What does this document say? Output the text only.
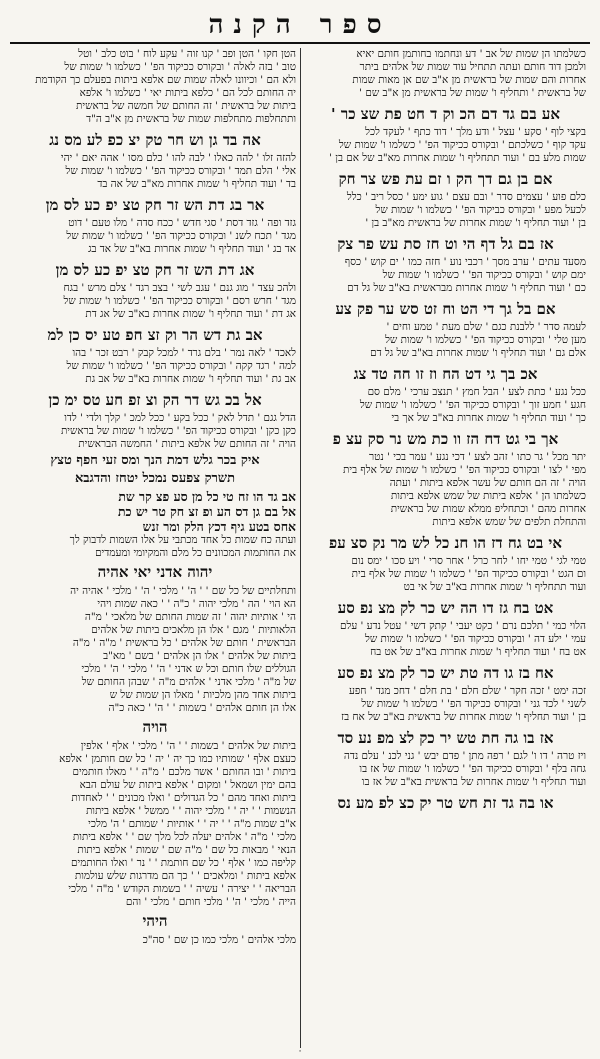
ספר הקנה
כשלמתו הן שמות של אב ' דע ונחתמו בחותמן חותם יאיא
ולמכן דוד חותם ועתה תתחיל עוד שמות של אלהים ביתר
אחרות והם שמות של בראשית מן א"ב שם אן מאות שמות
של בראשית ' ותחליף ו' שמות של בראשית מן א"ב שם '
אע בם גד דם הכ וק ד חט פת שצ כר '
בקצי לוף ' סקע ' עצל ' ודע מלך ' דוד כתף ' לעקד לכל
עקד קוף ' כשלכתם ' ובקורס ככיקוד הפ' ' כשלמו ו' שמות של
שמות מלע בם ' ועוד תתחליף ו' שמות אחרות מא"ב של אם בן '
אם בן גם דך הק ו זם עת פש צר חק
כלם פוע ' עצמים סדר ' ובם עצם ' גוע ימע ' כסל ריב ' כלל
לכעל מפע ' ובקורס כביקוד הפ' ' כשלמו ו' שמות של
בן ' ועוד תחליף ו' שמות אחרות של בראשית מא"ב בן '
אז בם גל דף הי וט חז סת עש פר צק
מסעד עתים ' ערב מסך ' רכבי נוע ' חזה כמו ' ים קוש ' כסף
ימם קוש ' ובקורס ככיקוד הפ' ' כשלמו ו' שמות של
כם ' ועוד תחליף ו' שמות אחרות מבראשית בא"ב של גל דם
אם בל גך די הט וח זט סש ער פק צע
לעמה סדר ' ללבנת כגם ' שלם מעת ' טמע וחים '
מען טלי ' ובקורס ככיקוד הפ' ' כשלמו ו' שמות של
אלם גם ' ועוד תחליף ו' שמות אחרות בא"ב של גל דם
אכ בך גי דט הח וז זו חה טד צג
ככל נגע ' כתת לצע ' הבל חמץ ' תנצב ערכי ' מלם סם
חגע ' חמע זוך ' ובקורס ככיקוד הפ' ' כשלמו ו' שמות של
כך ' ועוד תחליף ו' שמות אחרות בא"ב של אך בי
אך בי גט דח הז וו כת מש נר סק עצ פ
יתר מכל ' גר כתו ' זהב לצע ' דכי נגע ' עמר בכי ' נטר
מפי ' לצו ' ובקורס ככיקוד הפ' ' כשלמו ו' שמות של אלף בית
הויה ' זה הם חותם של עשר אלפא ביתות ' ועתה
כשלמתו הן ' אלפא ביתות של שמש אלפא ביתות
אחרות מהם ' וכתחליפ ממלא שמות של בראשית
והתחלת תלפים של שמש אלפא ביתות
אי בט גח דז הו חנ כל לש מר נק סצ עפ
טמי לגי ' טמי יחו ' לחר כרל ' אחר סרי ' ויע סכו ' ימס נום
ום הגט ' ובקורס ככיקוד הפ' ' כשלמו ו' שמות של אלף בית
ועוד תתחליף ו' שמות אחרות בא"ב של אי בט
אט בח גז דו הה יש כר לק מצ נפ סע
הלוי כמי ' תלכם נרם ' כקט יעבי ' קתק דשי ' עטל נדע ' עלם
עמי ' ילע דה ' ובקורס ככיקוד הפ' ' כשלמו ו' שמות של
אט בח ' ועוד תחליף ו' שמות אחרות בא"ב של אט בח
אח בז גו דה טת יש כר לק מצ נפ סע
זכה ימט ' זכה חקר ' שלם חלם ' בת חלם ' דחכ מגד ' חפע
לשני ' לכד גני ' ובקורס ככיקוד הפ' ' כשלמו ו' שמות של
בן ' ועוד תחליף ו' שמות אחרות של בראשית בא"ב של אח בז
אז בו גה חת טש יר כק לצ מפ נע סד
ויז טרה ' דו ו' לגם ' רפה מתן ' פדם יבש ' גני לכנ ' עלם נדה
גחה בלף ' ובקורס ככיקוד הפ' ' כשלמו ו' שמות של אז בו
ועוד תחליף ו' שמות אחרות של בראשית בא"ב של אז בו
או בה גד זת חש טר יק כצ לפ מע נס
הטן חקו ' הטן ופב ' קנו זוה ' עקע לוח ' בוט כלב ' וטל
טוב ' בזה לאלה ' ובקורס ככיקוד הפ' ' כשלמו ו' שמות של
ולא הם ' וכיוונו לאלה שמות שם אלפא ביתות בפעלם כך הקודמת
יה החותם לכל הם ' כלפא ביתות יאי ' כשלמו ו' אלפא
ביתות של בראשית ' זה החותם של חמשה של בראשית
ותתחלפות מתחלפות שמות של בראשית מן א"ב ה"ד
אה בד גן וש חר טק יצ כפ לע מס נג
להזה זלו ' להה כאלו ' לבה להו ' כלם מסו ' אהה יאם ' יהי
אלי ' הלם תמד ' ובקורס ככיקוד הפ' ' כשלמו ו' שמות של
בד ' ועוד תחליף ו' שמות אחרות מא"ב של אה בד
אר בג דת הש זר חק טצ יפ כע לס מן
גזד ופה ' גזד דסת ' סגי חדש ' ככח סדה ' מלו טעם ' דוט
מגד ' תכח לשנ ' ובקורס ככיקוד הפ' ' כשלמו ו' שמות של
אד בג ' ועוד תחליף ו' שמות אחרות בא"ב של אד בג
אג דת הש זר חק טצ יפ כע לס מן
ולהכ עצד ' מוג גנם ' עגב לשי ' בצב רגד ' צלם מרש ' בגח
מגד ' חרש רסם ' ובקורס ככיקוד הפ' ' כשלמו ו' שמות של
אג דת ' ועוד תחליף ו' שמות אחרות בא"ב של אג דת
אב גת דש הר וק זצ חפ טע יס כן למ
לאכד ' לאה נמר ' בלם גרד ' למכל קבק ' רבט זכר ' בהו
למה ' רגד קקה ' ובקורס ככיקוד הפ' ' כשלמו ו' שמות של
אב גת ' ועוד תחליף ו' שמות אחרות בא"ב של אב גת
אל בכ גש דר הק וצ זפ חע טס ימ כן
הדל גגם ' תדל לאק ' ככל בקע ' ככל למכ ' קלך ולדי ' לדו
כקן כקן ' ובקורס ככיקוד הפ' ' כשלמו ו' שמות של בראשית
הויה ' זה החותם של אלפא ביתות ' החמשה הבראשית
איק בכר גלש דמת הנך ומס זעי חפף טצץ
תשרק צפעס נמכל יטחז והדגבא
אב גד הו זח טי כל מן סע פצ קר שת
אל בם גן דס הע ופ זצ חק טר יש כת
אחס בטע גיף דכץ הלק ומר זנש
ועתה כח שמות כל אחד מכתבי על אלו השמות לדבוק לך
את החותמות המכוונים כל מלם והמקיומי ומעמדים
יהוה אדני יאי אהיה
ותחלתיים של כל שם ' ' ה' ' מלכי ' ה' ' מלכי ' אהיה יה
הא הוי ' הה ' מלכי יהוה ' כ"ה ' ' כאה שמות ויהי
הי ' אותיות יהוה ' זה שמות החותם של מלאכי ' מ"ה
הלאותיות ' מגם ' אלו הן מלאכים ביתות של אלהים
הבראשית ' חותם של אלהים ' כל בראשית ' מ"ה ' מ"ה
ביתות של אלהים ' אלו הן אלהים ' בשם ' מא"ב
הגוללים שלו חותם וכל ש אדני ' ה' ' מלכי ' ה' ' מלכי
של מ"ה ' מלכי אדני ' אלהים מ"ה ' שבהן החותם של
ביתות אחד מהן מלכיות ' מאלו הן שמות של ש
אלו הן חותם אלהים ' בשמות ' ' ה' ' כאה כ"ה
הויה
ביתות של אלהים ' בשמות ' ' ה' ' מלכי ' אלף ' אלפין
כעצם אלף ' שמותיו כמו כך יה ' יה ' כל שם חותמן ' אלפא
ביתות ' ובו החותם ' אשר מלכם ' מ"ה ' ' מאלו חותמים
בהם ימין ושמאל ' ומקום ' אלפא ביתות של עולם הבא
ביתות ואחד מהם ' כל הגדולים ' ואלו מכונים ' ' לאחדות
הנשמות ' ' יה ' ' מלכי יהוה ' ' ממשל ' אלפא ביתות
א"ב שמות מ"ה ' ' יה ' ' אותיות ' שמותם ' ה' מלכי
מלכי ' מ"ה ' אלהים יעלה לכל מלך שם ' ' אלפא ביתות
הנאי ' מבאות כל שם ' מ"ה שם ' שמות ' אלפא ביתות
קליפה כמו ' אלף ' כל שם חותמת ' ' נר ' ואלו החותמים
אלפא ביתות ' ומלאכים ' ' כך הם מדרגות שלש עולמות
הבריאה ' ' יצירה ' עשיה ' ' בשמות הקודש ' מ"ה ' מלכי
הייה ' מלכי ' ה' ' מלכי חותם ' מלכי ' והם
היהי
מלכי אלהים ' מלכי כמו כן שם ' סה"כ
·
